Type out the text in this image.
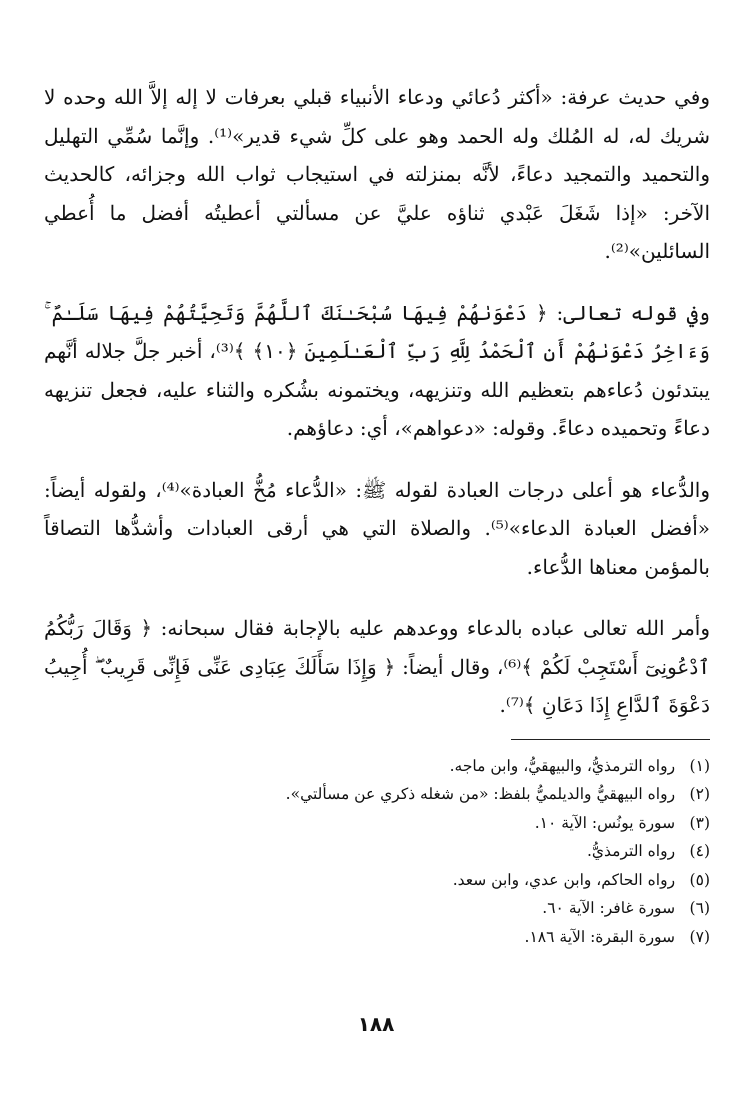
وفي حديث عرفة: «أكثر دُعائي ودعاء الأنبياء قبلي بعرفات لا إله إلاَّ الله وحده لا شريك له، له المُلك وله الحمد وهو على كلِّ شيء قدير»⁽¹⁾. وإنَّما سُمِّي التهليل والتحميد والتمجيد دعاءً، لأنَّه بمنزلته في استيجاب ثواب الله وجزائه، كالحديث الآخر: «إذا شَغَلَ عَبْدي ثناؤه عليَّ عن مسألتي أعطيتُه أفضل ما أُعطي السائلين»⁽²⁾.

وفي قوله تعالى: ﴿ دَعْوَىٰهُمْ فِيهَا سُبْحَـٰنَكَ ٱللَّهُمَّ وَتَحِيَّتُهُمْ فِيهَا سَلَـٰمٌ ۚ وَءَاخِرُ دَعْوَىٰهُمْ أَنِ ٱلْحَمْدُ لِلَّهِ رَبِّ ٱلْعَـٰلَمِينَ ﴿١٠﴾ ﴾⁽³⁾، أخبر جلَّ جلاله أنَّهم يبتدئون دُعاءهم بتعظيم الله وتنزيهه، ويختمونه بشُكره والثناء عليه، فجعل تنزيهه دعاءً وتحميده دعاءً. وقوله: «دعواهم»، أي: دعاؤهم.

والدُّعاء هو أعلى درجات العبادة لقوله ﷺ: «الدُّعاء مُخُّ العبادة»⁽⁴⁾، ولقوله أيضاً: «أفضل العبادة الدعاء»⁽⁵⁾. والصلاة التي هي أرقى العبادات وأشدُّها التصاقاً بالمؤمن معناها الدُّعاء.

وأمر الله تعالى عباده بالدعاء ووعدهم عليه بالإجابة فقال سبحانه: ﴿ وَقَالَ رَبُّكُمُ ٱدْعُونِىٓ أَسْتَجِبْ لَكُمْ ﴾⁽⁶⁾، وقال أيضاً: ﴿ وَإِذَا سَأَلَكَ عِبَادِى عَنِّى فَإِنِّى قَرِيبٌ ۖ أُجِيبُ دَعْوَةَ ٱلدَّاعِ إِذَا دَعَانِ ﴾⁽⁷⁾.

(١) رواه الترمذيُّ، والبيهقيُّ، وابن ماجه.
(٢) رواه البيهقيُّ والديلميُّ بلفظ: «من شغله ذكري عن مسألتي».
(٣) سورة يونُس: الآية ١٠.
(٤) رواه الترمذيُّ.
(٥) رواه الحاكم، وابن عدي، وابن سعد.
(٦) سورة غافر: الآية ٦٠.
(٧) سورة البقرة: الآية ١٨٦.
١٨٨
